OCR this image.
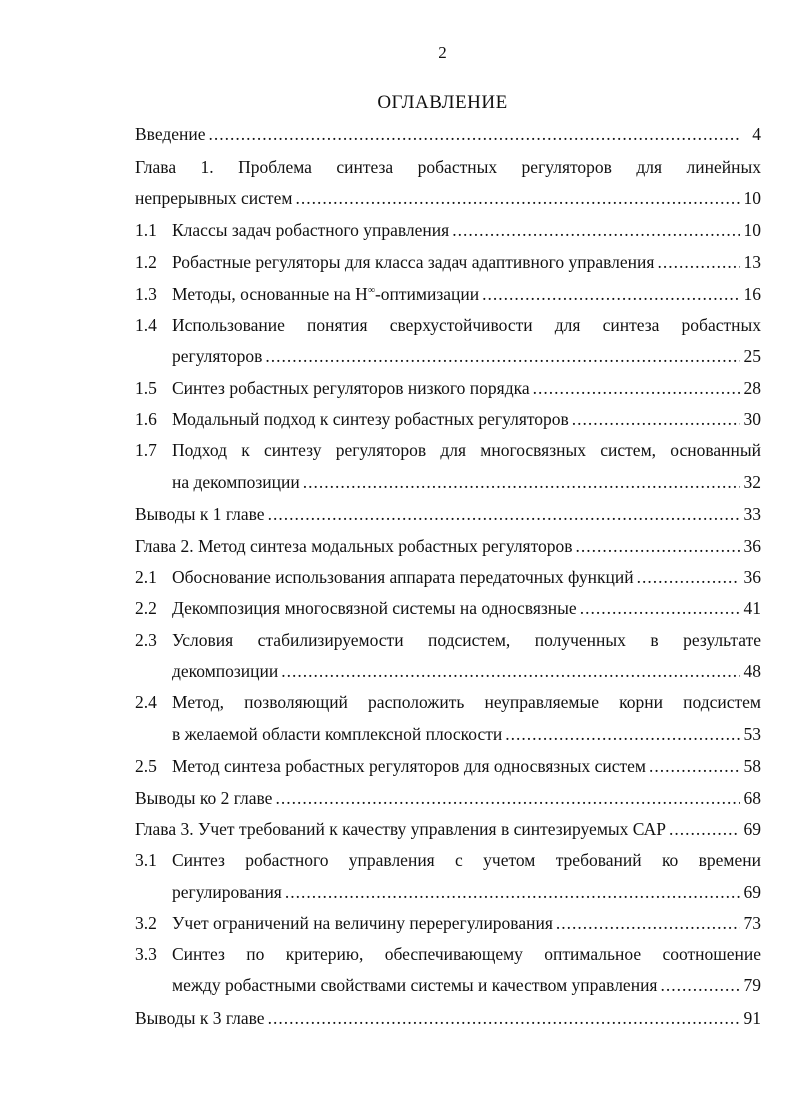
2
ОГЛАВЛЕНИЕ
Введение .....	4
Глава 1. Проблема синтеза робастных регуляторов для линейных
непрерывных систем .....	10
1.1 Классы задач робастного управления .....	10
1.2 Робастные регуляторы для класса задач адаптивного управления .....	13
1.3 Методы, основанные на H∞-оптимизации .....	16
1.4 Использование понятия сверхустойчивости для синтеза робастных
регуляторов .....	25
1.5 Синтез робастных регуляторов низкого порядка .....	28
1.6 Модальный подход к синтезу робастных регуляторов .....	30
1.7 Подход к синтезу регуляторов для многосвязных систем, основанный
на декомпозиции .....	32
Выводы к 1 главе .....	33
Глава 2. Метод синтеза модальных робастных регуляторов .....	36
2.1 Обоснование использования аппарата передаточных функций .....	36
2.2 Декомпозиция многосвязной системы на односвязные .....	41
2.3 Условия стабилизируемости подсистем, полученных в результате
декомпозиции .....	48
2.4 Метод, позволяющий расположить неуправляемые корни подсистем
в желаемой области комплексной плоскости .....	53
2.5 Метод синтеза робастных регуляторов для односвязных систем .....	58
Выводы ко 2 главе .....	68
Глава 3. Учет требований к качеству управления в синтезируемых САР .....	69
3.1 Синтез робастного управления с учетом требований ко времени
регулирования .....	69
3.2 Учет ограничений на величину перерегулирования .....	73
3.3 Синтез по критерию, обеспечивающему оптимальное соотношение
между робастными свойствами системы и качеством управления .....	79
Выводы к 3 главе .....	91
